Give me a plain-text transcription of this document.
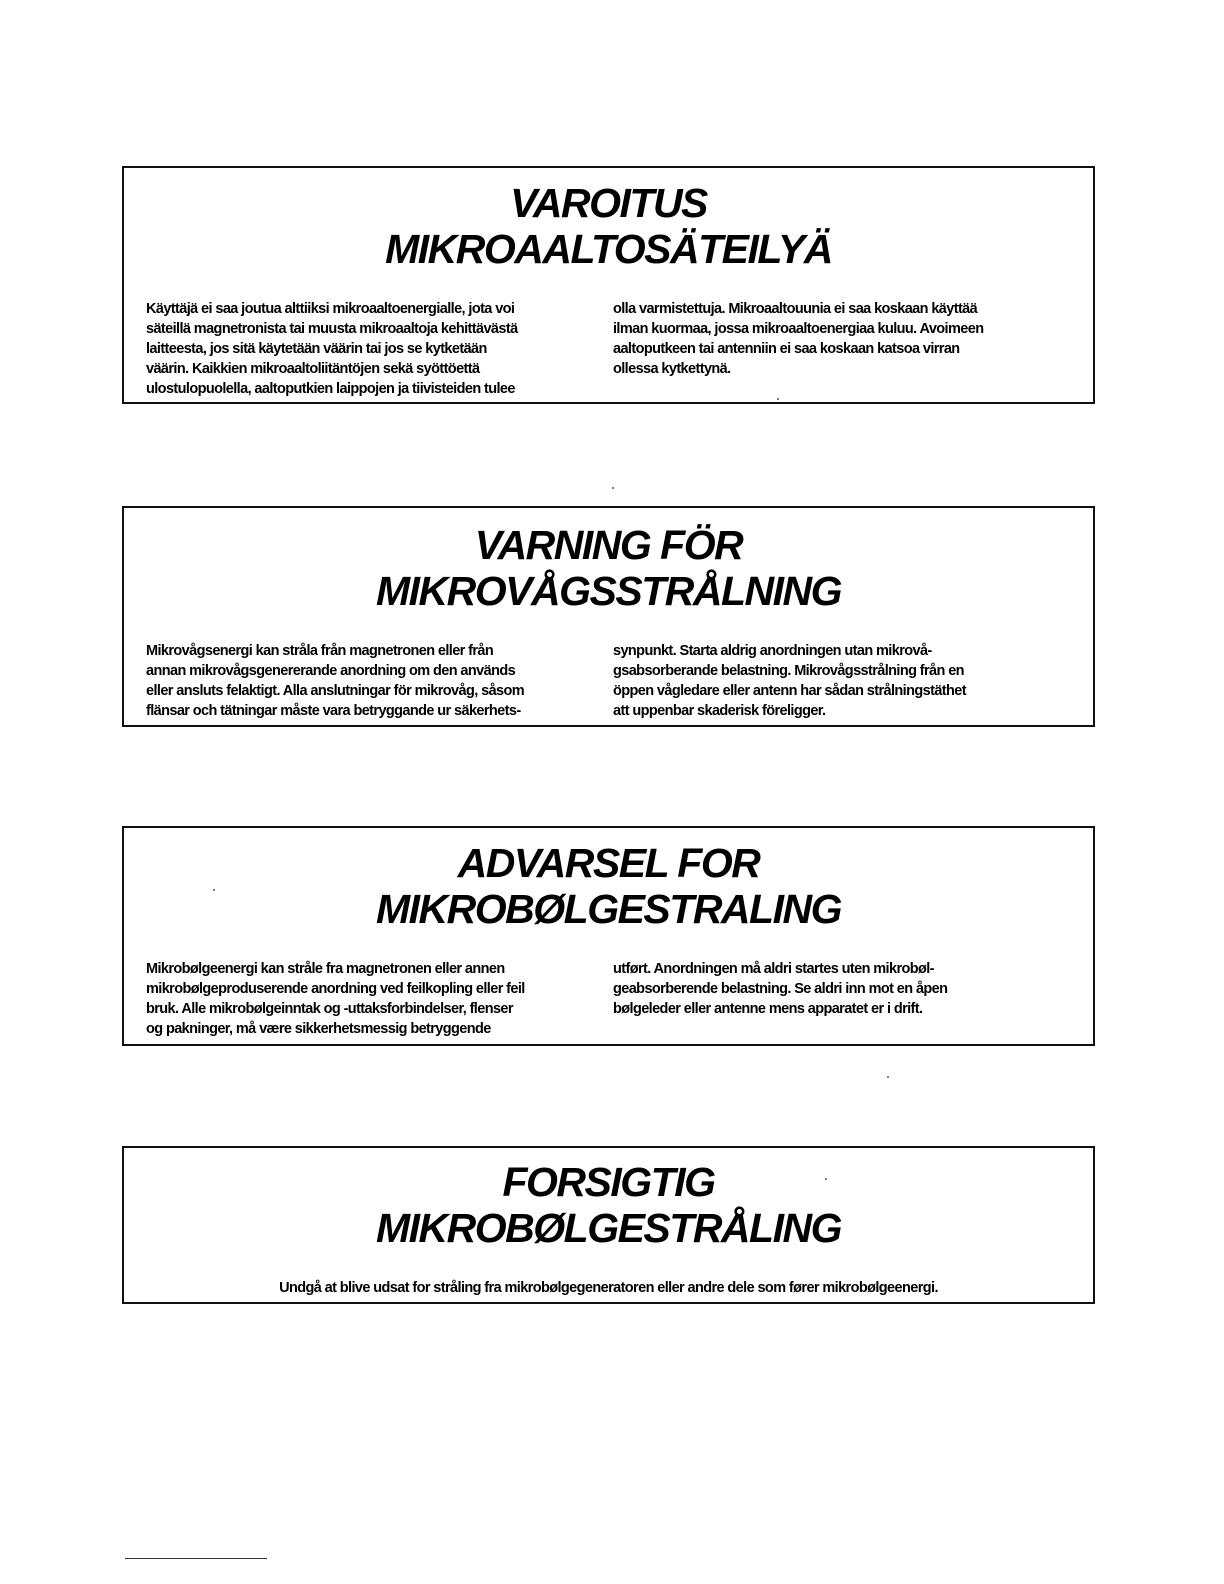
VAROITUS
MIKROAALTOSÄTEILYÄ
Käyttäjä ei saa joutua alttiiksi mikroaaltoenergialle, jota voi
säteillä magnetronista tai muusta mikroaaltoja kehittävästä
laitteesta, jos sitä käytetään väärin tai jos se kytketään
väärin. Kaikkien mikroaaltoliitäntöjen sekä syöttöettä
ulostulopuolella, aaltoputkien laippojen ja tiivisteiden tulee
olla varmistettuja. Mikroaaltouunia ei saa koskaan käyttää
ilman kuormaa, jossa mikroaaltoenergiaa kuluu. Avoimeen
aaltoputkeen tai antenniin ei saa koskaan katsoa virran
ollessa kytkettynä.
VARNING FÖR
MIKROVÅGSSTRÅLNING
Mikrovågsenergi kan stråla från magnetronen eller från
annan mikrovågsgenererande anordning om den används
eller ansluts felaktigt. Alla anslutningar för mikrovåg, såsom
flänsar och tätningar måste vara betryggande ur säkerhets-
synpunkt. Starta aldrig anordningen utan mikrovå-
gsabsorberande belastning. Mikrovågsstrålning från en
öppen vågledare eller antenn har sådan strålningstäthet
att uppenbar skaderisk föreligger.
ADVARSEL FOR
MIKROBØLGESTRALING
Mikrobølgeenergi kan stråle fra magnetronen eller annen
mikrobølgeproduserende anordning ved feilkopling eller feil
bruk. Alle mikrobølgeinntak og -uttaksforbindelser, flenser
og pakninger, må være sikkerhetsmessig betryggende
utført. Anordningen må aldri startes uten mikrobøl-
geabsorberende belastning. Se aldri inn mot en åpen
bølgeleder eller antenne mens apparatet er i drift.
FORSIGTIG
MIKROBØLGESTRÅLING
Undgå at blive udsat for stråling fra mikrobølgegeneratoren eller andre dele som fører mikrobølgeenergi.
